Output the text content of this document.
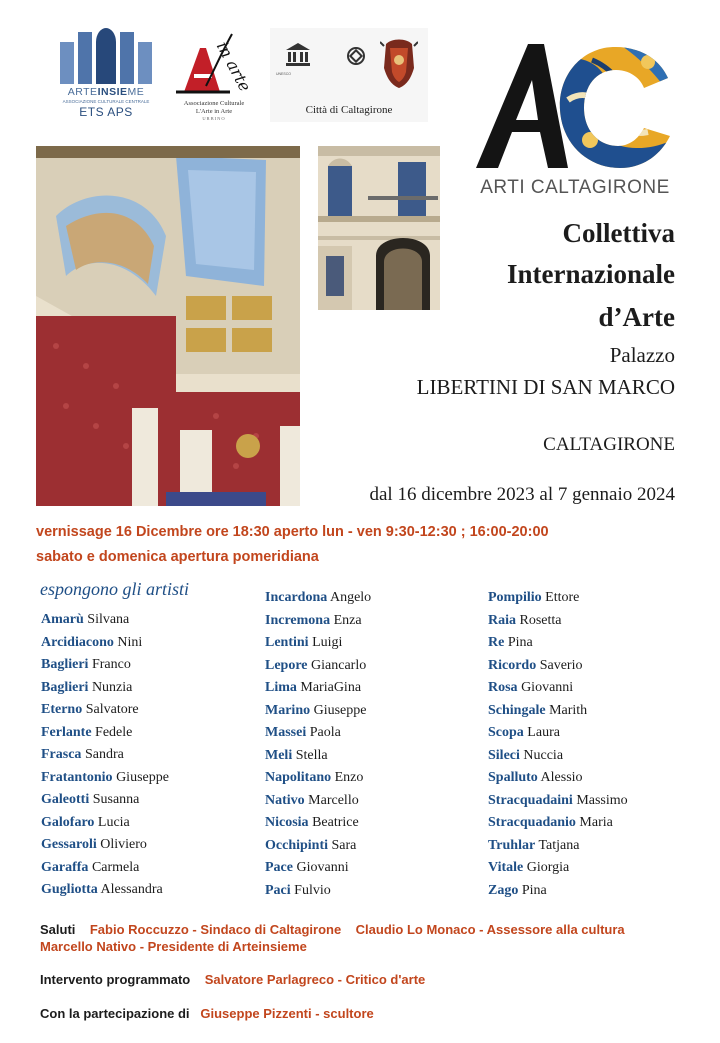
ARTEINSIEME
ASSOCIAZIONE CULTURALE CENTRALE
ETS APS
in arte
Associazione Culturale
L'Arte in Arte
URBINO
UNESCO
Città di Caltagirone
ARTI CALTAGIRONE
Collettiva
Internazionale
d’Arte
Palazzo
LIBERTINI DI SAN MARCO
CALTAGIRONE
dal 16 dicembre 2023 al 7 gennaio 2024
vernissage 16 Dicembre ore 18:30 aperto lun - ven 9:30-12:30 ; 16:00-20:00
sabato e domenica apertura pomeridiana
espongono gli artisti
Amarù Silvana
Arcidiacono Nini
Baglieri Franco
Baglieri Nunzia
Eterno Salvatore
Ferlante Fedele
Frasca Sandra
Fratantonio Giuseppe
Galeotti Susanna
Galofaro Lucia
Gessaroli Oliviero
Garaffa Carmela
Gugliotta Alessandra
Incardona Angelo
Incremona Enza
Lentini Luigi
Lepore Giancarlo
Lima MariaGina
Marino Giuseppe
Massei Paola
Meli Stella
Napolitano Enzo
Nativo Marcello
Nicosia Beatrice
Occhipinti Sara
Pace Giovanni
Paci Fulvio
Pompilio Ettore
Raia Rosetta
Re Pina
Ricordo Saverio
Rosa Giovanni
Schingale Marith
Scopa Laura
Sileci Nuccia
Spalluto Alessio
Stracquadaini Massimo
Stracquadanio Maria
Truhlar Tatjana
Vitale Giorgia
Zago Pina
Saluti Fabio Roccuzzo - Sindaco di Caltagirone Claudio Lo Monaco - Assessore alla cultura
Marcello Nativo - Presidente di Arteinsieme
Intervento programmato Salvatore Parlagreco - Critico d'arte
Con la partecipazione di Giuseppe Pizzenti - scultore
